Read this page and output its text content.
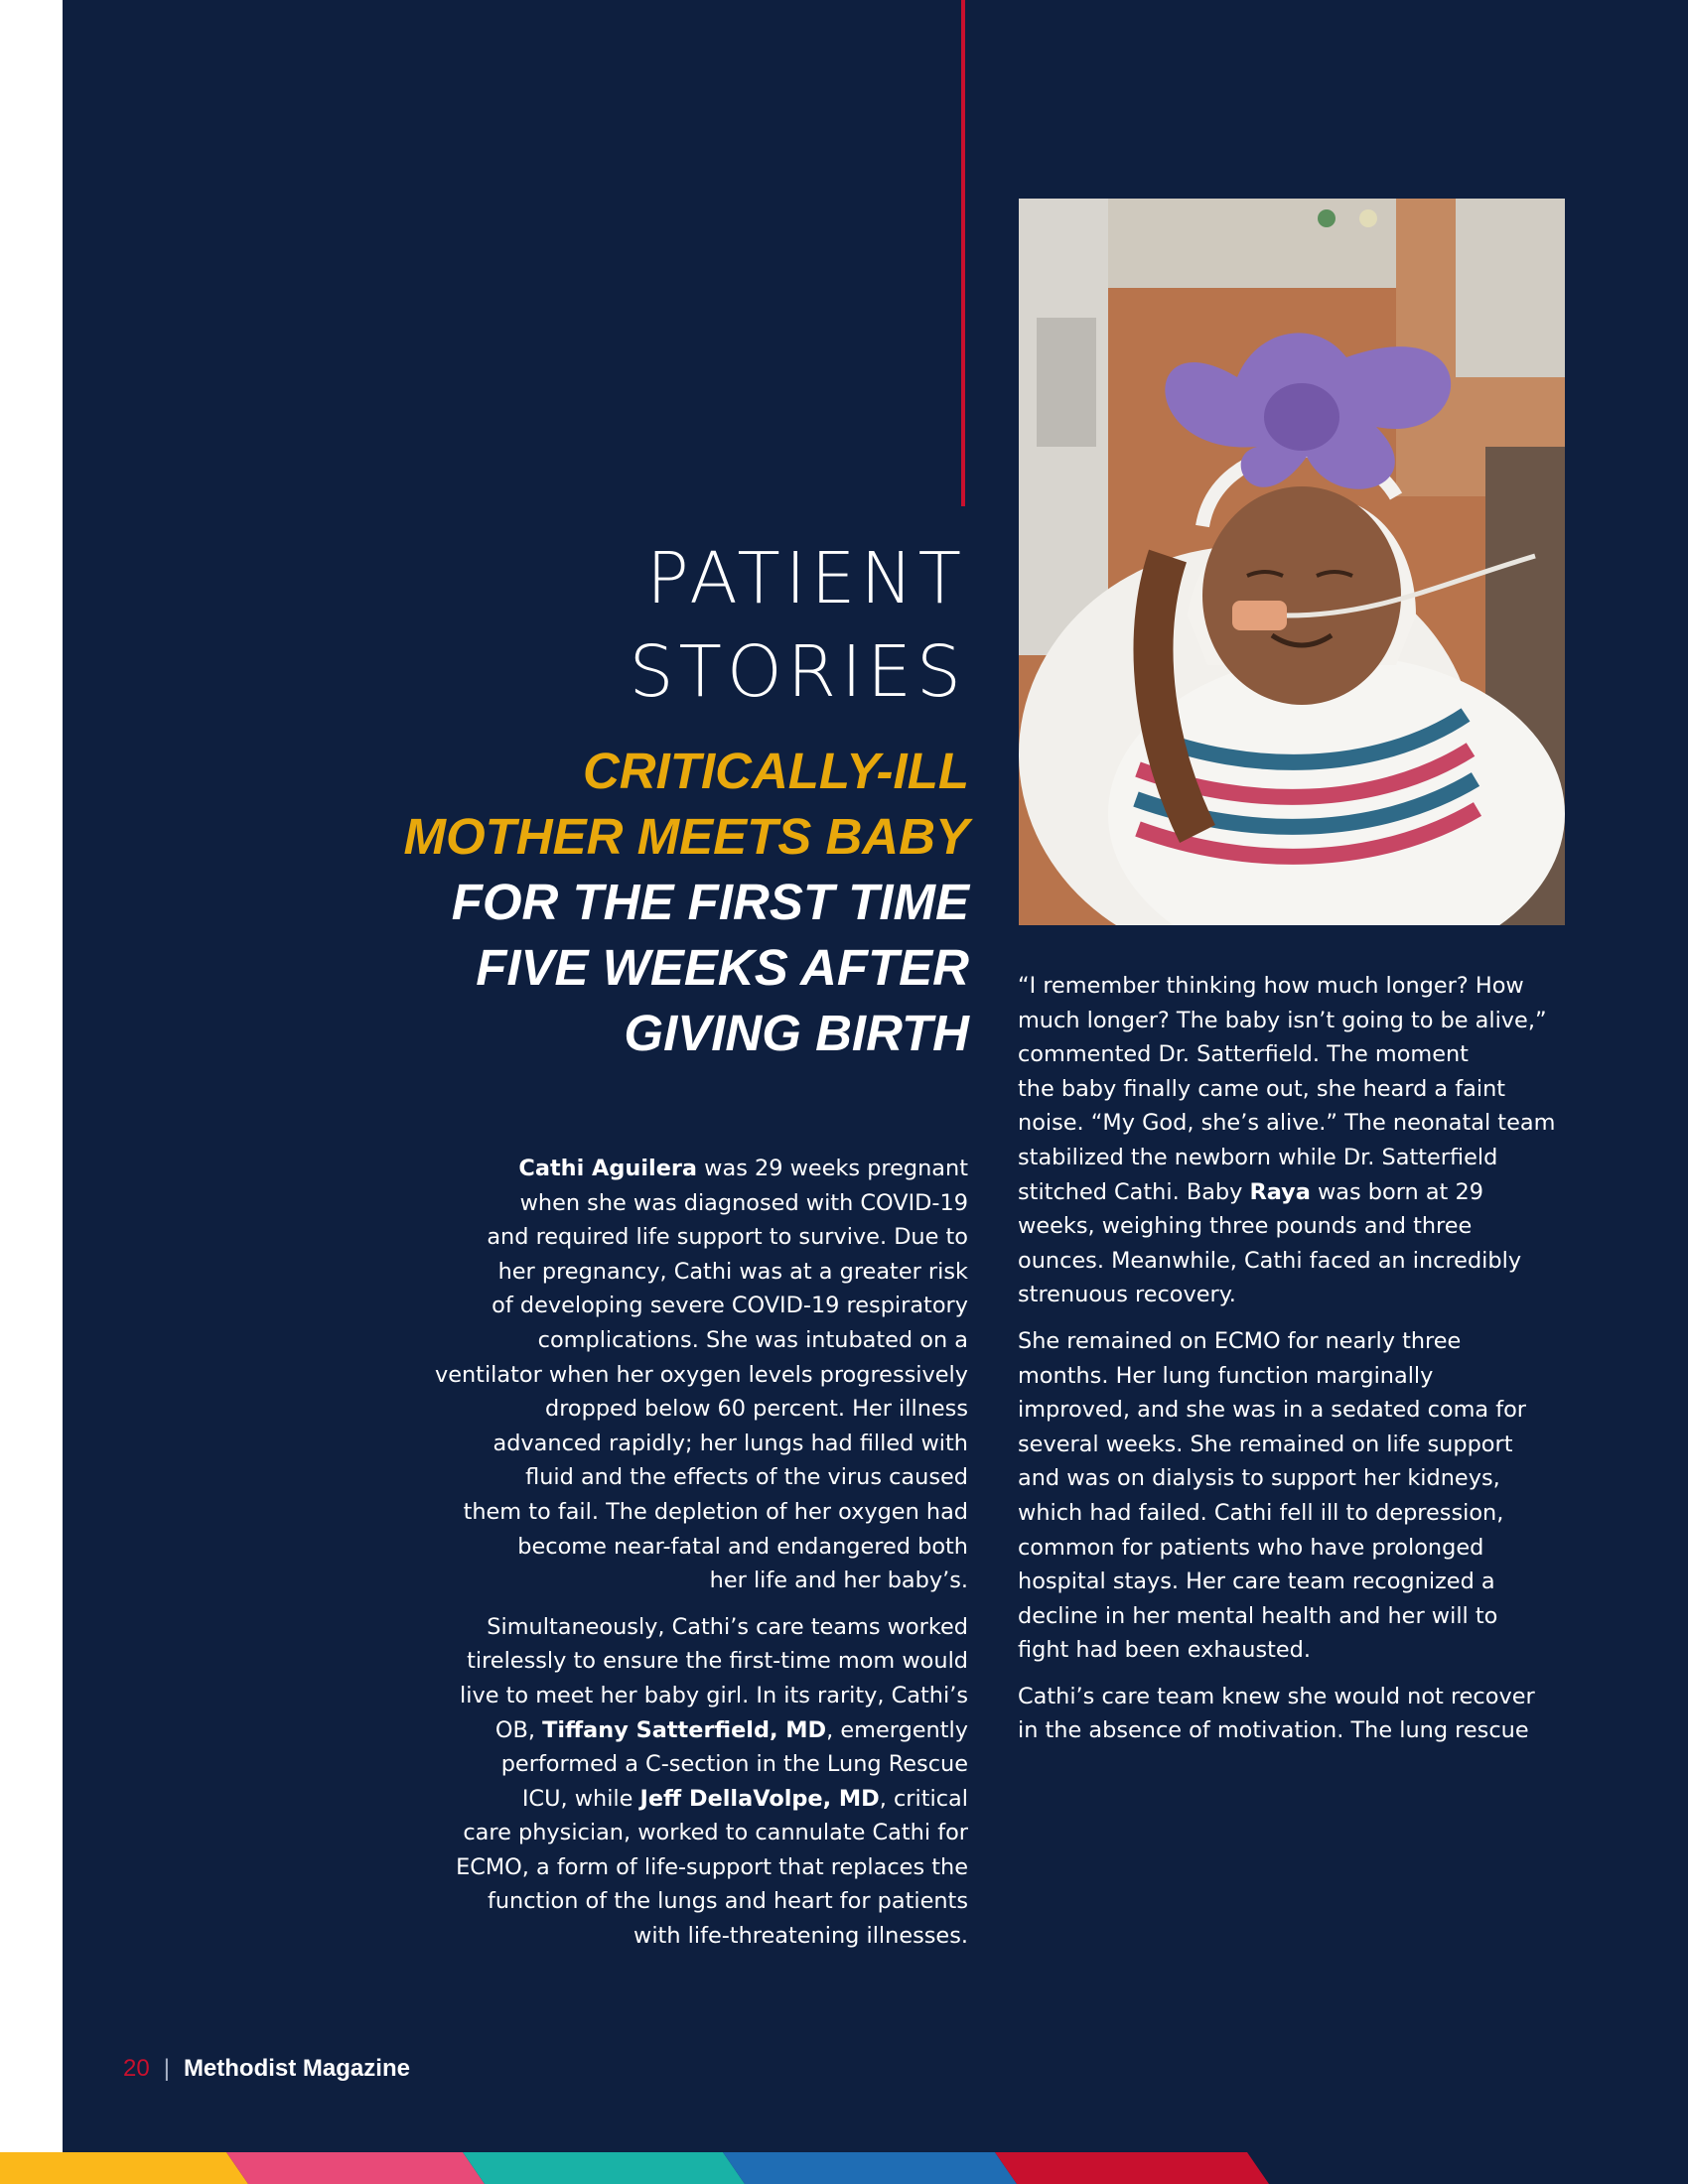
PATIENT
STORIES
CRITICALLY-ILL
MOTHER MEETS BABY
FOR THE FIRST TIME
FIVE WEEKS AFTER
GIVING BIRTH

Cathi Aguilera was 29 weeks pregnant
when she was diagnosed with COVID-19
and required life support to survive. Due to
her pregnancy, Cathi was at a greater risk
of developing severe COVID-19 respiratory
complications. She was intubated on a
ventilator when her oxygen levels progressively
dropped below 60 percent. Her illness
advanced rapidly; her lungs had filled with
fluid and the effects of the virus caused
them to fail. The depletion of her oxygen had
become near-fatal and endangered both
her life and her baby’s.

Simultaneously, Cathi’s care teams worked
tirelessly to ensure the first-time mom would
live to meet her baby girl. In its rarity, Cathi’s
OB, Tiffany Satterfield, MD, emergently
performed a C-section in the Lung Rescue
ICU, while Jeff DellaVolpe, MD, critical
care physician, worked to cannulate Cathi for
ECMO, a form of life-support that replaces the
function of the lungs and heart for patients
with life-threatening illnesses.

“I remember thinking how much longer? How
much longer? The baby isn’t going to be alive,”
commented Dr. Satterfield. The moment
the baby finally came out, she heard a faint
noise. “My God, she’s alive.” The neonatal team
stabilized the newborn while Dr. Satterfield
stitched Cathi. Baby Raya was born at 29
weeks, weighing three pounds and three
ounces. Meanwhile, Cathi faced an incredibly
strenuous recovery.

She remained on ECMO for nearly three
months. Her lung function marginally
improved, and she was in a sedated coma for
several weeks. She remained on life support
and was on dialysis to support her kidneys,
which had failed. Cathi fell ill to depression,
common for patients who have prolonged
hospital stays. Her care team recognized a
decline in her mental health and her will to
fight had been exhausted.

Cathi’s care team knew she would not recover
in the absence of motivation. The lung rescue

20 | Methodist Magazine
